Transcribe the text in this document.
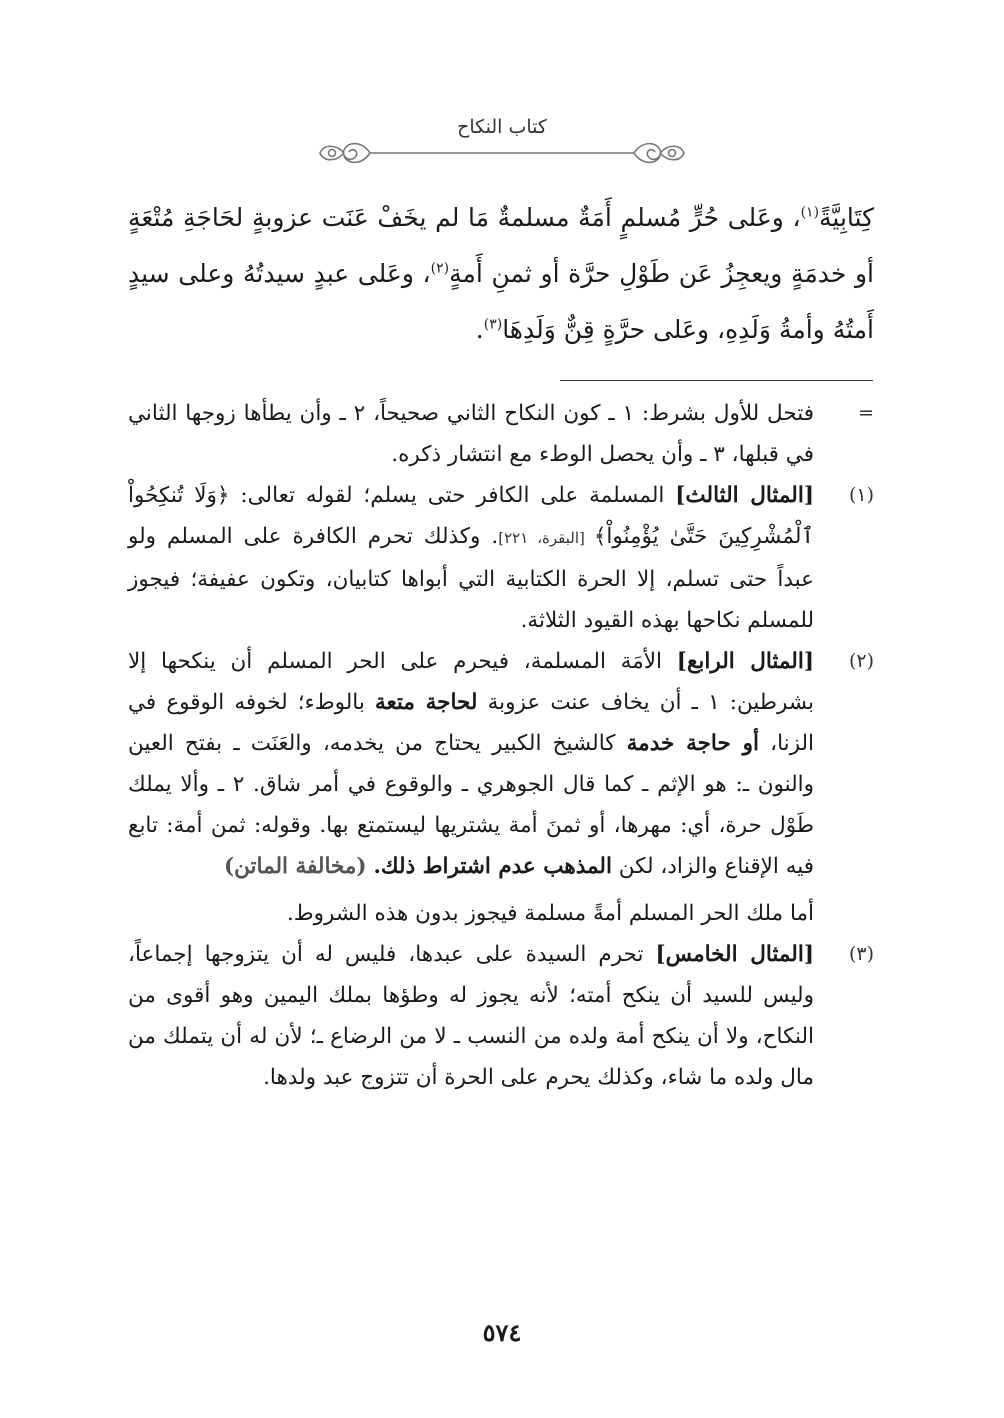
كتاب النكاح

كِتَابِيَّةً$^{(١)}$، وعَلى حُرٍّ مُسلمٍ أَمَةٌ مسلمةٌ مَا لم يخَفْ عَنَت عزوبةٍ لحَاجَةِ مُتْعَةٍ أو خدمَةٍ ويعجِزُ عَن طَوْلِ حرَّة أو ثمنِ أَمةٍ$^{(٢)}$، وعَلى عبدٍ سيدتُهُ وعلى سيدٍ أَمتُهُ وأمةُ وَلَدِهِ، وعَلى حرَّةٍ قِنٌّ وَلَدِهَا$^{(٣)}$.

=
فتحل للأول بشرط: ١ ـ كون النكاح الثاني صحيحاً، ٢ ـ وأن يطأها زوجها الثاني في قبلها، ٣ ـ وأن يحصل الوطء مع انتشار ذكره.
(١)
[المثال الثالث] المسلمة على الكافر حتى يسلم؛ لقوله تعالى: ﴿وَلَا تُنكِحُواْ ٱلْمُشْرِكِينَ حَتَّىٰ يُؤْمِنُواْ﴾ [البقرة، ٢٢١]. وكذلك تحرم الكافرة على المسلم ولو عبداً حتى تسلم، إلا الحرة الكتابية التي أبواها كتابيان، وتكون عفيفة؛ فيجوز للمسلم نكاحها بهذه القيود الثلاثة.
(٢)
[المثال الرابع] الأمَة المسلمة، فيحرم على الحر المسلم أن ينكحها إلا بشرطين: ١ ـ أن يخاف عنت عزوبة لحاجة متعة بالوطء؛ لخوفه الوقوع في الزنا، أو حاجة خدمة كالشيخ الكبير يحتاج من يخدمه، والعَنَت ـ بفتح العين والنون ـ: هو الإثم ـ كما قال الجوهري ـ والوقوع في أمر شاق. ٢ ـ وألا يملك طَوْل حرة، أي: مهرها، أو ثمنَ أمة يشتريها ليستمتع بها. وقوله: ثمن أمة: تابع فيه الإقناع والزاد، لكن المذهب عدم اشتراط ذلك. (مخالفة الماتن)
أما ملك الحر المسلم أمةً مسلمة فيجوز بدون هذه الشروط.
(٣)
[المثال الخامس] تحرم السيدة على عبدها، فليس له أن يتزوجها إجماعاً، وليس للسيد أن ينكح أمته؛ لأنه يجوز له وطؤها بملك اليمين وهو أقوى من النكاح، ولا أن ينكح أمة ولده من النسب ـ لا من الرضاع ـ؛ لأن له أن يتملك من مال ولده ما شاء، وكذلك يحرم على الحرة أن تتزوج عبد ولدها.
٥٧٤
